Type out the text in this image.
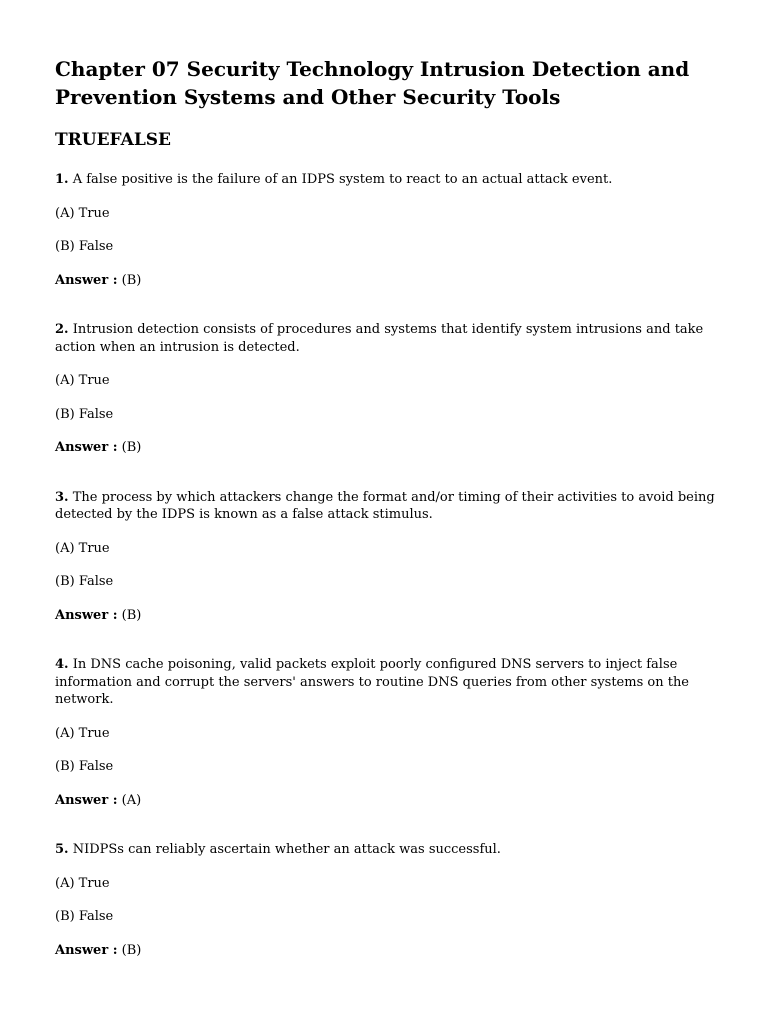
Chapter 07 Security Technology Intrusion Detection and Prevention Systems and Other Security Tools
TRUEFALSE

1. A false positive is the failure of an IDPS system to react to an actual attack event.

(A) True

(B) False

Answer : (B)

2. Intrusion detection consists of procedures and systems that identify system intrusions and take action when an intrusion is detected.

(A) True

(B) False

Answer : (B)

3. The process by which attackers change the format and/or timing of their activities to avoid being detected by the IDPS is known as a false attack stimulus.

(A) True

(B) False

Answer : (B)

4. In DNS cache poisoning, valid packets exploit poorly configured DNS servers to inject false information and corrupt the servers' answers to routine DNS queries from other systems on the network.

(A) True

(B) False

Answer : (A)

5. NIDPSs can reliably ascertain whether an attack was successful.

(A) True

(B) False

Answer : (B)
